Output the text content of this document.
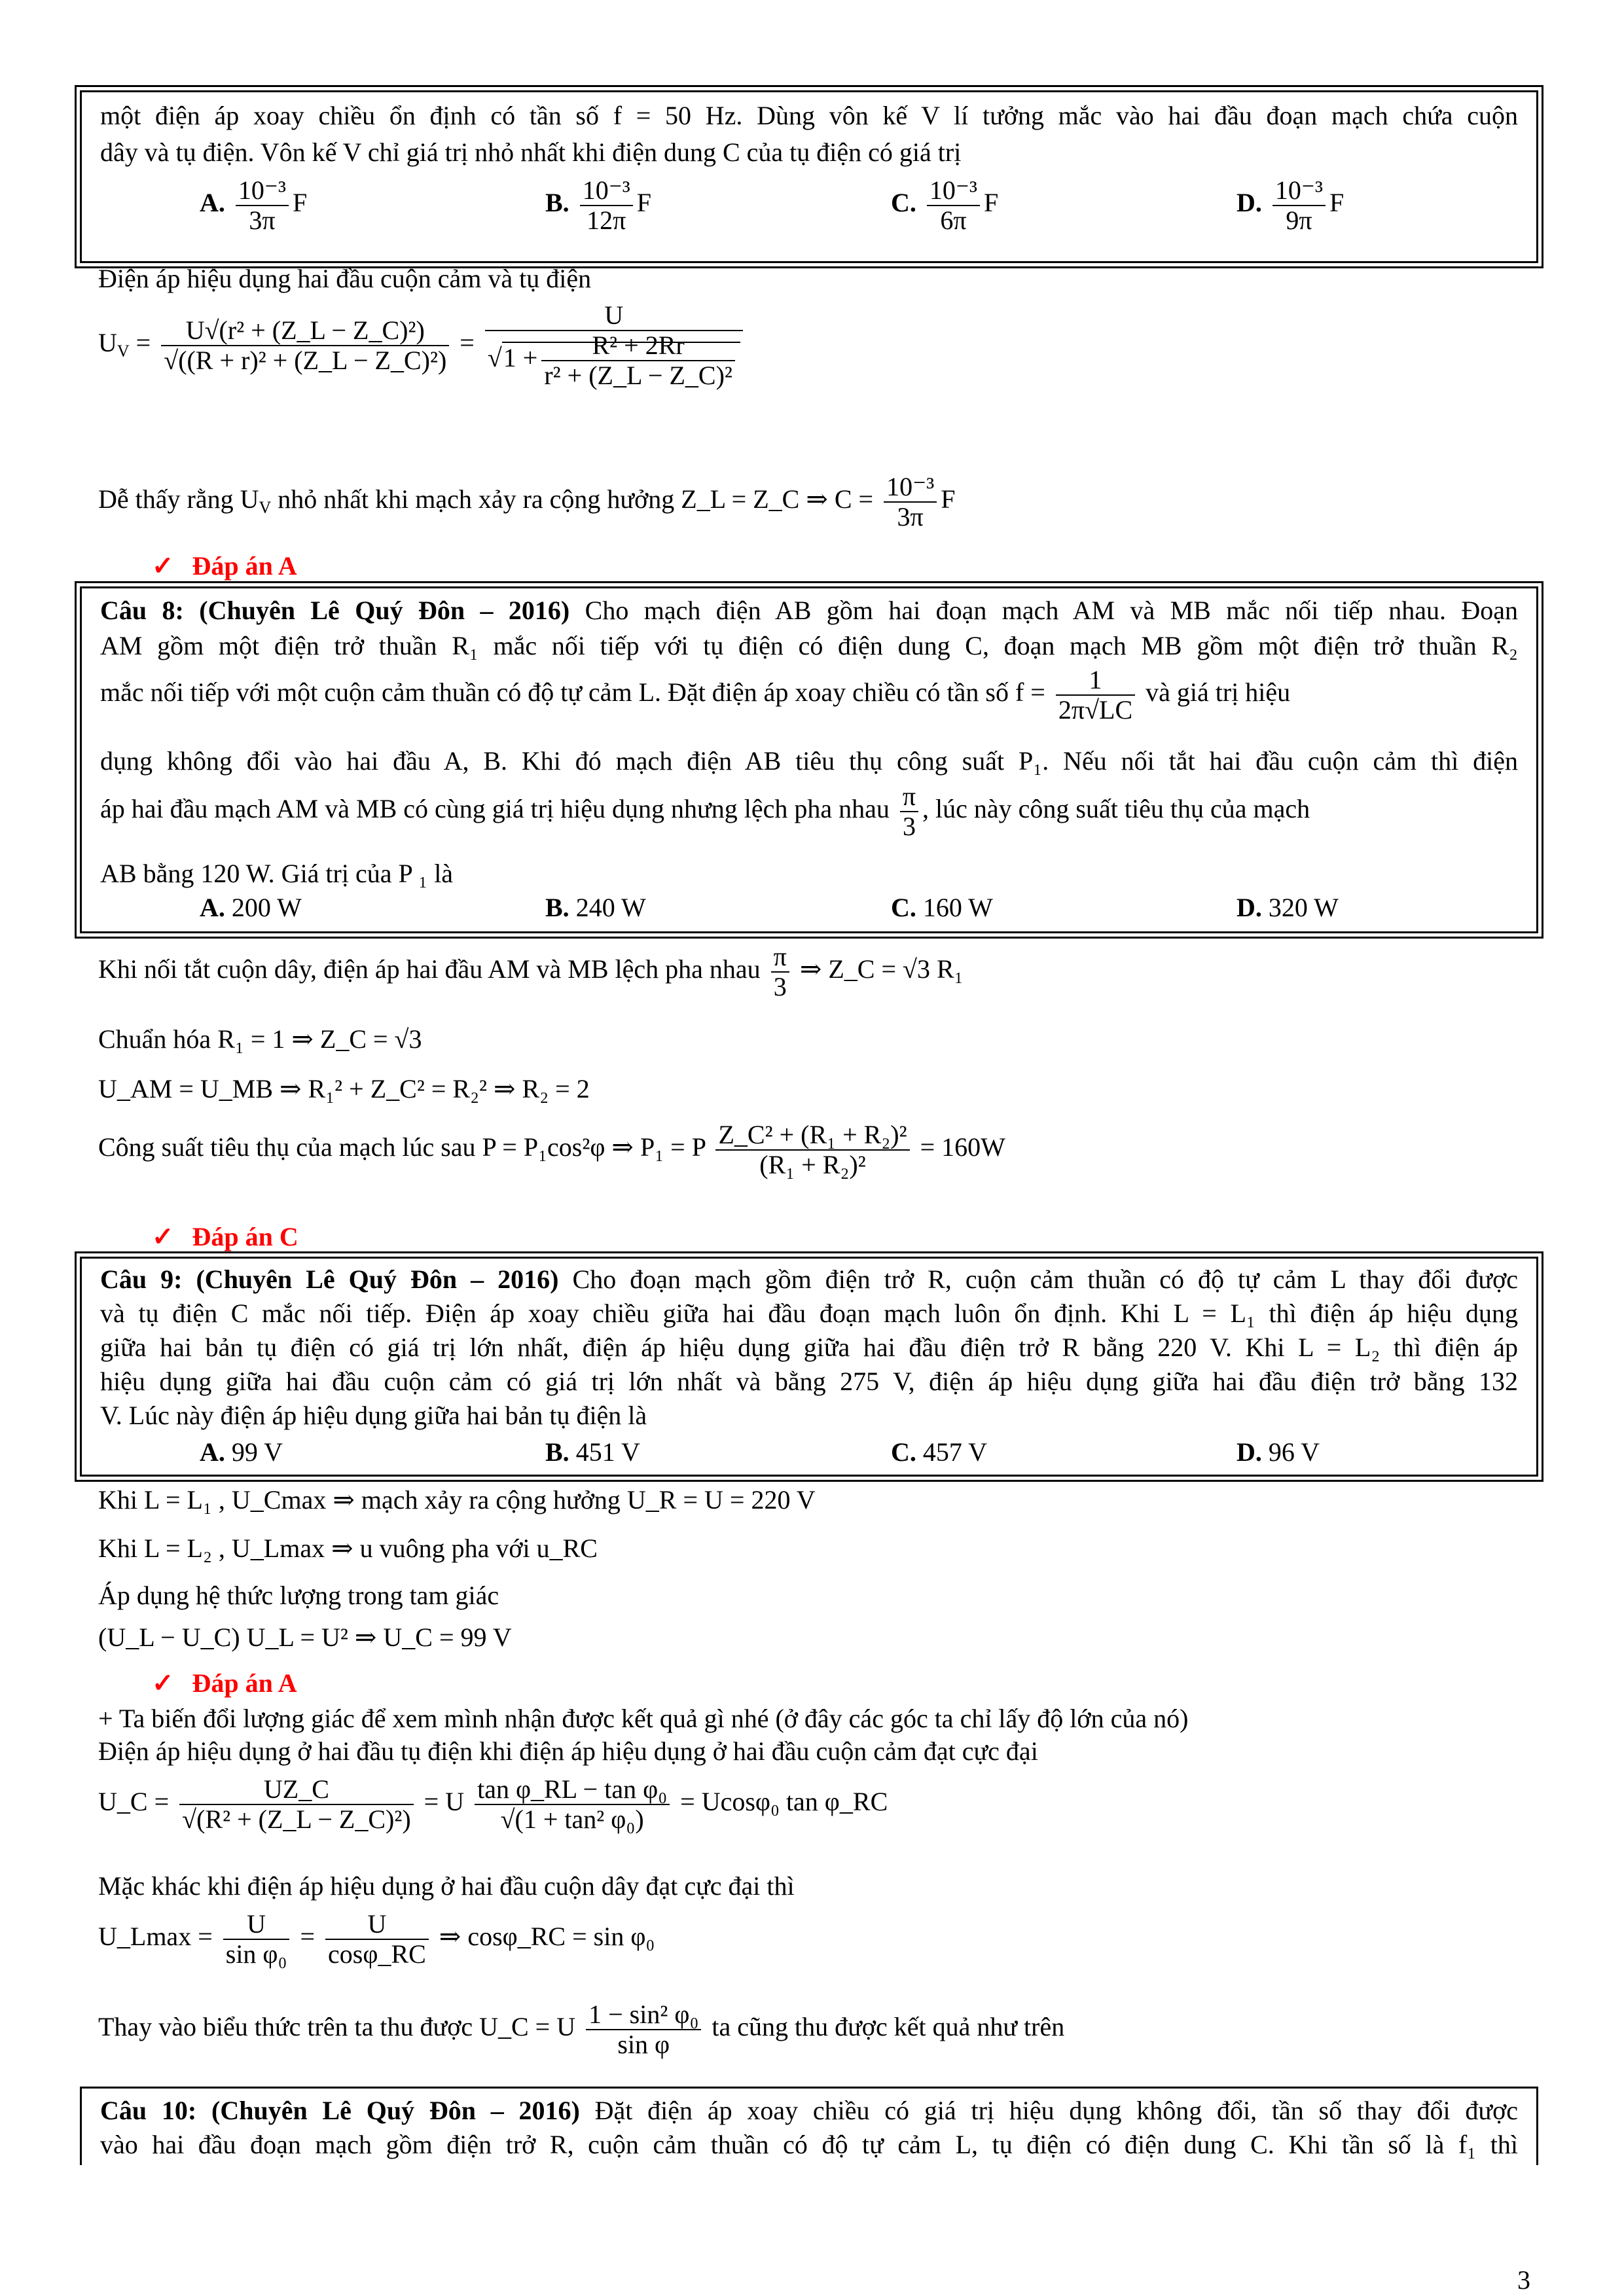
một điện áp xoay chiều ổn định có tần số f = 50 Hz. Dùng vôn kế V lí tưởng mắc vào hai đầu đoạn mạch chứa cuộn
dây và tụ điện. Vôn kế V chỉ giá trị nhỏ nhất khi điện dung C của tụ điện có giá trị
A. $\frac{\text{10⁻³}}{3\pi}$ F	B. $\frac{\text{10⁻³}}{12\pi}$ F	C. $\frac{\text{10⁻³}}{6\pi}$ F	D. $\frac{\text{10⁻³}}{9\pi}$ F
Điện áp hiệu dụng hai đầu cuộn cảm và tụ điện
$U_V = \frac{\text{U√(r² + (Z\_L − Z\_C)²)}}{\text{√((R + r)² + (Z\_L − Z\_C)²)}} = \frac{U}{√1 + \frac{\text{R² + 2Rr}}{\text{r² + (Z\_L − Z\_C)²}}}$
Dễ thấy rằng $U_V$ nhỏ nhất khi mạch xảy ra cộng hưởng Z_L = Z_C ⇒ $C = \frac{\text{10⁻³}}{3\pi}$ F
✓ Đáp án A
Câu 8: (Chuyên Lê Quý Đôn – 2016) Cho mạch điện AB gồm hai đoạn mạch AM và MB mắc nối tiếp nhau. Đoạn
AM gồm một điện trở thuần R₁ mắc nối tiếp với tụ điện có điện dung C, đoạn mạch MB gồm một điện trở thuần R₂
mắc nối tiếp với một cuộn cảm thuần có độ tự cảm L. Đặt điện áp xoay chiều có tần số $f = \frac{1}{2\pi√LC}$ và giá trị hiệu
dụng không đổi vào hai đầu A, B. Khi đó mạch điện AB tiêu thụ công suất P₁. Nếu nối tắt hai đầu cuộn cảm thì điện
áp hai đầu mạch AM và MB có cùng giá trị hiệu dụng nhưng lệch pha nhau $\frac{\pi}{3}$ , lúc này công suất tiêu thụ của mạch
AB bằng 120 W. Giá trị của P ₁ là
A. 200 W	B. 240 W	C. 160 W	D. 320 W
Khi nối tắt cuộn dây, điện áp hai đầu AM và MB lệch pha nhau $\frac{\pi}{3}$ ⇒ Z_C = √3 R₁
Chuẩn hóa R₁ = 1 ⇒ Z_C = √3
U_AM = U_MB ⇒ R₁² + Z_C² = R₂² ⇒ R₂ = 2
Công suất tiêu thụ của mạch lúc sau P = P₁cos²φ ⇒ P₁ = P $\frac{\text{Z\_C² + (R₁ + R₂)²}}{\text{(R₁ + R₂)²}} = 160W$
✓ Đáp án C
Câu 9: (Chuyên Lê Quý Đôn – 2016) Cho đoạn mạch gồm điện trở R, cuộn cảm thuần có độ tự cảm L thay đổi được
và tụ điện C mắc nối tiếp. Điện áp xoay chiều giữa hai đầu đoạn mạch luôn ổn định. Khi L = L₁ thì điện áp hiệu dụng
giữa hai bản tụ điện có giá trị lớn nhất, điện áp hiệu dụng giữa hai đầu điện trở R bằng 220 V. Khi L = L₂ thì điện áp
hiệu dụng giữa hai đầu cuộn cảm có giá trị lớn nhất và bằng 275 V, điện áp hiệu dụng giữa hai đầu điện trở bằng 132
V. Lúc này điện áp hiệu dụng giữa hai bản tụ điện là
A. 99 V	B. 451 V	C. 457 V	D. 96 V
Khi L = L₁ , U_Cmax ⇒ mạch xảy ra cộng hưởng U_R = U = 220 V
Khi L = L₂ , U_Lmax ⇒ u vuông pha với u_RC
Áp dụng hệ thức lượng trong tam giác
(U_L − U_C) U_L = U² ⇒ U_C = 99 V
✓ Đáp án A
+ Ta biến đổi lượng giác để xem mình nhận được kết quả gì nhé (ở đây các góc ta chỉ lấy độ lớn của nó)
Điện áp hiệu dụng ở hai đầu tụ điện khi điện áp hiệu dụng ở hai đầu cuộn cảm đạt cực đại
U_C = $\frac{UZ\_C}{\text{√(R² + (Z\_L − Z\_C)²)}} = U \frac{\text{tan φ\_RL − tan φ₀}}{\text{√(1 + tan² φ₀)}} = Ucos\varphi_0$ tan φ_RC
Mặc khác khi điện áp hiệu dụng ở hai đầu cuộn dây đạt cực đại thì
U_Lmax = $\frac{U}{\text{sin φ₀}} = \frac{U}{\cos\varphi\_RC}$ ⇒ cosφ_RC = sin φ₀
Thay vào biểu thức trên ta thu được U_C = U $\frac{\text{1 − sin² φ₀}}{\text{sin φ}}$ ta cũng thu được kết quả như trên
Câu 10: (Chuyên Lê Quý Đôn – 2016) Đặt điện áp xoay chiều có giá trị hiệu dụng không đổi, tần số thay đổi được
vào hai đầu đoạn mạch gồm điện trở R, cuộn cảm thuần có độ tự cảm L, tụ điện có điện dung C. Khi tần số là f₁ thì
3
